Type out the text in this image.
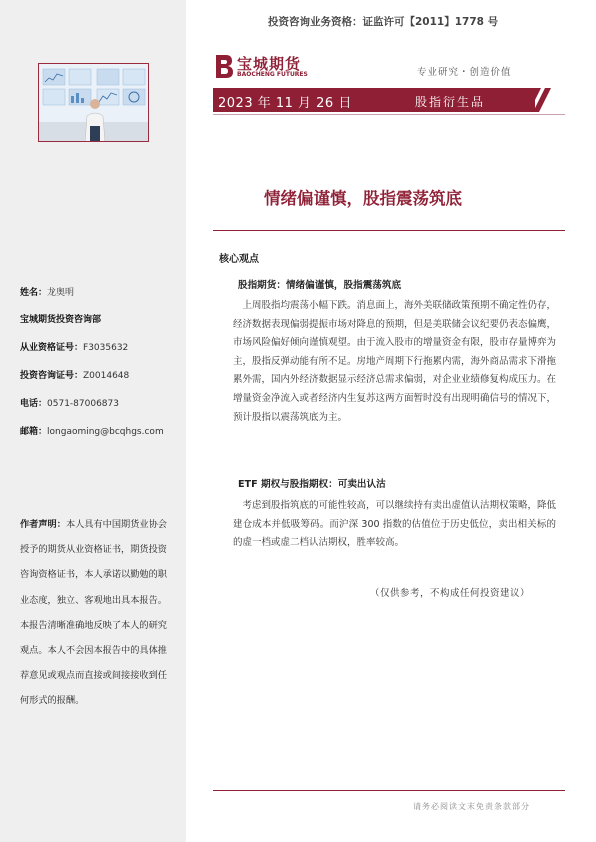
姓名：龙奥明
宝城期货投资咨询部
从业资格证号：F3035632
投资咨询证号：Z0014648
电话：0571-87006873
邮箱：longaoming@bcqhgs.com
作者声明：本人具有中国期货业协会授予的期货从业资格证书，期货投资咨询资格证书，本人承诺以勤勉的职业态度，独立、客观地出具本报告。本报告清晰准确地反映了本人的研究观点。本人不会因本报告中的具体推荐意见或观点而直接或间接接收到任何形式的报酬。
投资咨询业务资格：证监许可【2011】1778 号
宝城期货
BAOCHENG FUTURES	专业研究・创造价值
2023 年 11 月 26 日	股指衍生品
情绪偏谨慎，股指震荡筑底
核心观点
股指期货：情绪偏谨慎，股指震荡筑底
上周股指均震荡小幅下跌。消息面上，海外美联储政策预期不确定性仍存，经济数据表现偏弱提振市场对降息的预期，但是美联储会议纪要仍表态偏鹰，市场风险偏好倾向谨慎观望。由于流入股市的增量资金有限，股市存量博弈为主，股指反弹动能有所不足。房地产周期下行拖累内需，海外商品需求下滑拖累外需，国内外经济数据显示经济总需求偏弱，对企业业绩修复构成压力。在增量资金净流入或者经济内生复苏这两方面暂时没有出现明确信号的情况下，预计股指以震荡筑底为主。
ETF 期权与股指期权：可卖出认沽
考虑到股指筑底的可能性较高，可以继续持有卖出虚值认沽期权策略，降低建仓成本并低吸筹码。而沪深 300 指数的估值位于历史低位，卖出相关标的的虚一档或虚二档认沽期权，胜率较高。
（仅供参考，不构成任何投资建议）
请务必阅读文末免责条款部分
